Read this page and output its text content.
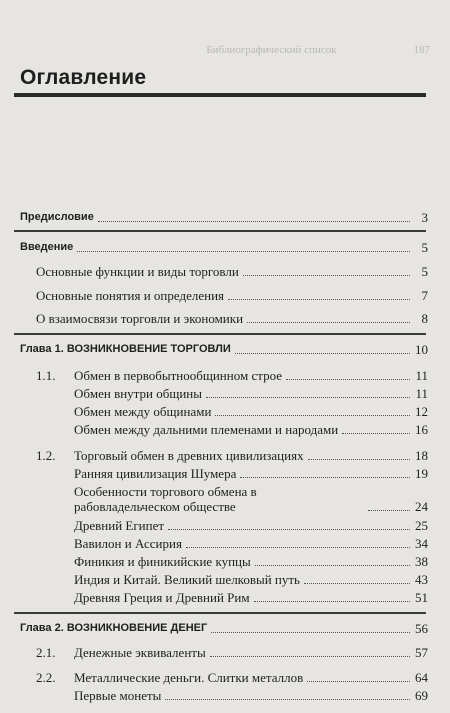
Библиографический список	187
Оглавление
Предисловие	3
Введение	5
Основные функции и виды торговли	5
Основные понятия и определения	7
О взаимосвязи торговли и экономики	8
Глава 1. ВОЗНИКНОВЕНИЕ ТОРГОВЛИ	10
1.1. Обмен в первобытнообщинном строе	11
Обмен внутри общины	11
Обмен между общинами	12
Обмен между дальними племенами и народами	16
1.2. Торговый обмен в древних цивилизациях	18
Ранняя цивилизация Шумера	19
Особенности торгового обмена в рабовладельческом обществе	24
Древний Египет	25
Вавилон и Ассирия	34
Финикия и финикийские купцы	38
Индия и Китай. Великий шелковый путь	43
Древняя Греция и Древний Рим	51
Глава 2. ВОЗНИКНОВЕНИЕ ДЕНЕГ	56
2.1. Денежные эквиваленты	57
2.2. Металлические деньги. Слитки металлов	64
Первые монеты	69
